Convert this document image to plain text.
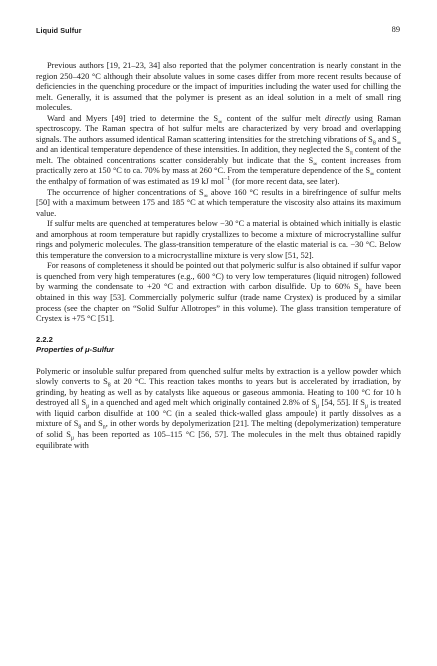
Liquid Sulfur	89

Previous authors [19, 21–23, 34] also reported that the polymer concentration is nearly constant in the region 250–420 °C although their absolute values in some cases differ from more recent results because of deficiencies in the quenching procedure or the impact of impurities including the water used for chilling the melt. Generally, it is assumed that the polymer is present as an ideal solution in a melt of small ring molecules.

Ward and Myers [49] tried to determine the $S_\infty$ content of the sulfur melt directly using Raman spectroscopy. The Raman spectra of hot sulfur melts are characterized by very broad and overlapping signals. The authors assumed identical Raman scattering intensities for the stretching vibrations of $S_8$ and $S_\infty$ and an identical temperature dependence of these intensities. In addition, they neglected the $S_\pi$ content of the melt. The obtained concentrations scatter considerably but indicate that the $S_\infty$ content increases from practically zero at 150 °C to ca. 70% by mass at 260 °C. From the temperature dependence of the $S_\infty$ content the enthalpy of formation of was estimated as 19 kJ mol$^{-1}$ (for more recent data, see later).

The occurrence of higher concentrations of $S_\infty$ above 160 °C results in a birefringence of sulfur melts [50] with a maximum between 175 and 185 °C at which temperature the viscosity also attains its maximum value.

If sulfur melts are quenched at temperatures below −30 °C a material is obtained which initially is elastic and amorphous at room temperature but rapidly crystallizes to become a mixture of microcrystalline sulfur rings and polymeric molecules. The glass-transition temperature of the elastic material is ca. −30 °C. Below this temperature the conversion to a microcrystalline mixture is very slow [51, 52].

For reasons of completeness it should be pointed out that polymeric sulfur is also obtained if sulfur vapor is quenched from very high temperatures (e.g., 600 °C) to very low temperatures (liquid nitrogen) followed by warming the condensate to +20 °C and extraction with carbon disulfide. Up to 60% $S_\mu$ have been obtained in this way [53]. Commercially polymeric sulfur (trade name Crystex) is produced by a similar process (see the chapter on “Solid Sulfur Allotropes” in this volume). The glass transition temperature of Crystex is +75 °C [51].

2.2.2
Properties of μ-Sulfur

Polymeric or insoluble sulfur prepared from quenched sulfur melts by extraction is a yellow powder which slowly converts to $S_8$ at 20 °C. This reaction takes months to years but is accelerated by irradiation, by grinding, by heating as well as by catalysts like aqueous or gaseous ammonia. Heating to 100 °C for 10 h destroyed all $S_\mu$ in a quenched and aged melt which originally contained 2.8% of $S_\mu$ [54, 55]. If $S_\mu$ is treated with liquid carbon disulfide at 100 °C (in a sealed thick-walled glass ampoule) it partly dissolves as a mixture of $S_8$ and $S_n$, in other words by depolymerization [21]. The melting (depolymerization) temperature of solid $S_\mu$ has been reported as 105–115 °C [56, 57]. The molecules in the melt thus obtained rapidly equilibrate with
